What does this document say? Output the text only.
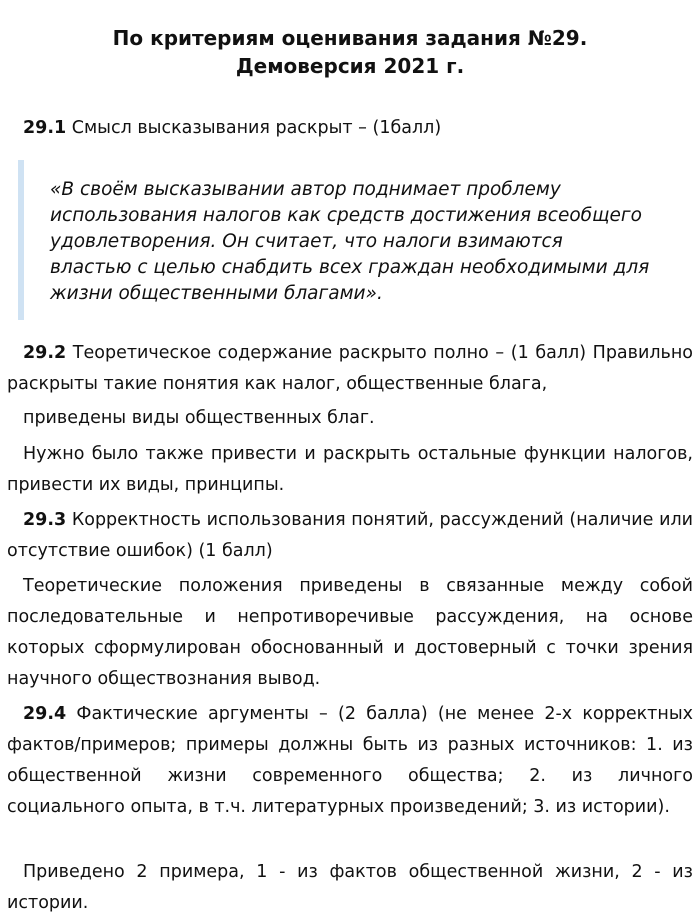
По критериям оценивания задания №29.
Демоверсия 2021 г.

29.1 Смысл высказывания раскрыт – (1балл)

«В своём высказывании автор поднимает проблему использования налогов как средств достижения всеобщего удовлетворения. Он считает, что налоги взимаются властью с целью снабдить всех граждан необходимыми для жизни общественными благами».

29.2 Теоретическое содержание раскрыто полно – (1 балл) Правильно раскрыты такие понятия как налог, общественные блага,

приведены виды общественных благ.

Нужно было также привести и раскрыть остальные функции налогов, привести их виды, принципы.

29.3 Корректность использования понятий, рассуждений (наличие или отсутствие ошибок) (1 балл)

Теоретические положения приведены в связанные между собой последовательные и непротиворечивые рассуждения, на основе которых сформулирован обоснованный и достоверный с точки зрения научного обществознания вывод.

29.4 Фактические аргументы – (2 балла) (не менее 2-х корректных фактов/примеров; примеры должны быть из разных источников: 1. из общественной жизни современного общества; 2. из личного социального опыта, в т.ч. литературных произведений; 3. из истории).

Приведено 2 примера, 1 - из фактов общественной жизни, 2 - из истории.
